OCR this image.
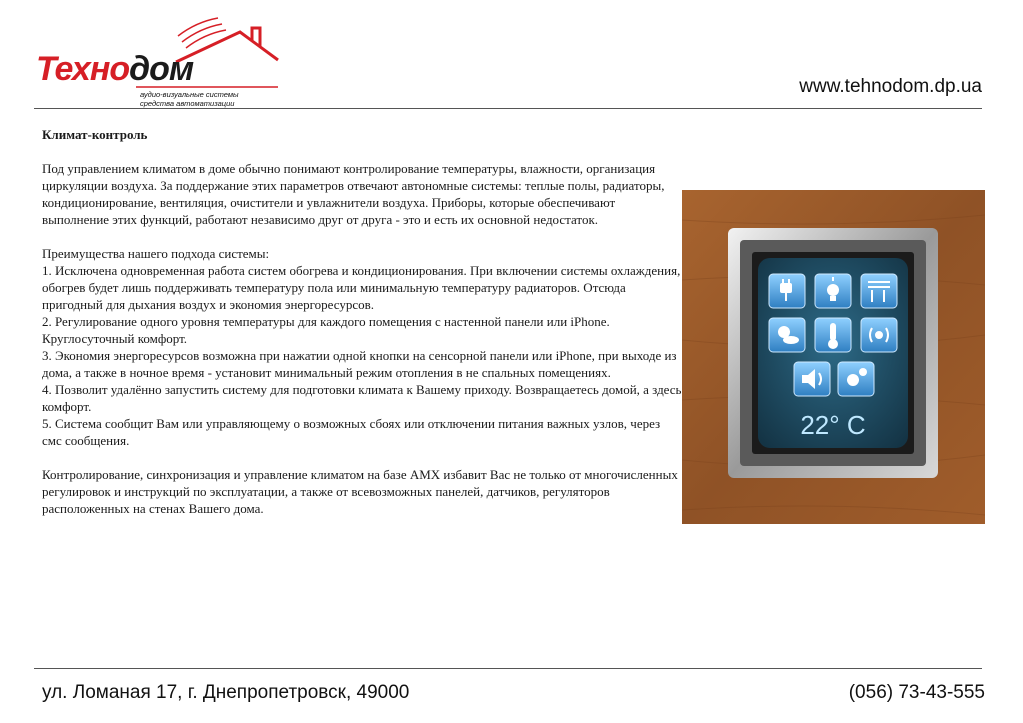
Технодом
аудио-визуальные системы
средства автоматизации
www.tehnodom.dp.ua
Климат-контроль

Под управлением климатом в доме обычно понимают контролирование температуры, влажности, организация циркуляции воздуха. За поддержание этих параметров отвечают автономные системы: теплые полы, радиаторы, кондиционирование, вентиляция, очистители и увлажнители воздуха. Приборы, которые обеспечивают выполнение этих функций, работают независимо друг от друга - это и есть их основной недостаток.

Преимущества нашего подхода системы:
1. Исключена одновременная работа систем обогрева и кондиционирования. При включении системы охлаждения, обогрев будет лишь поддерживать температуру пола или минимальную температуру радиаторов. Отсюда пригодный для дыхания воздух и экономия энергоресурсов.
2. Регулирование одного уровня температуры для каждого помещения с настенной панели или iPhone. Круглосуточный комфорт.
3. Экономия энергоресурсов возможна при нажатии одной кнопки на сенсорной панели или iPhone, при выходе из дома, а также в ночное время - установит минимальный режим отопления в не спальных помещениях.
4. Позволит удалённо запустить систему для подготовки климата к Вашему приходу. Возвращаетесь домой, а здесь комфорт.
5. Система сообщит Вам или управляющему о возможных сбоях или отключении питания важных узлов, через смс сообщения.

Контролирование, синхронизация и управление климатом на базе AMX избавит Вас не только от многочисленных регулировок и инструкций по эксплуатации, а также от всевозможных панелей, датчиков, регуляторов расположенных на стенах Вашего дома.

22° C
ул. Ломаная 17, г. Днепропетровск, 49000	(056) 73-43-555
